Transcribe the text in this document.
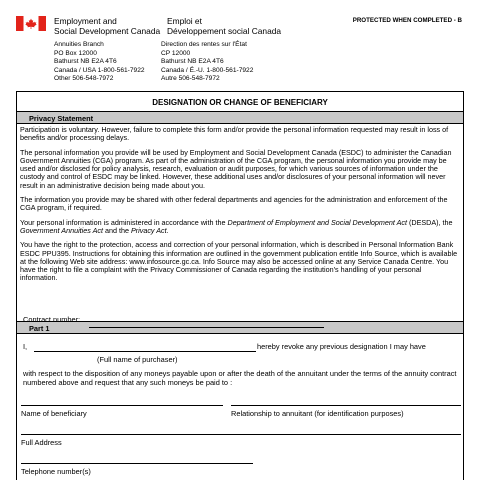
Employment and
Social Development Canada
Emploi et
Développement social Canada
PROTECTED WHEN COMPLETED - B
Annuities Branch
PO Box 12000
Bathurst NB E2A 4T6
Canada / USA 1-800-561-7922
Other 506-548-7972
Direction des rentes sur l'État
CP 12000
Bathurst NB E2A 4T6
Canada / É.-U. 1-800-561-7922
Autre 506-548-7972
DESIGNATION OR CHANGE OF BENEFICIARY
Privacy Statement

Participation is voluntary. However, failure to complete this form and/or provide the personal information requested may result in loss of benefits and/or processing delays.

The personal information you provide will be used by Employment and Social Development Canada (ESDC) to administer the Canadian Government Annuities (CGA) program. As part of the administration of the CGA program, the personal information you provide may be used and/or disclosed for policy analysis, research, evaluation or audit purposes, for which various sources of information under the custody and control of ESDC may be linked. However, these additional uses and/or disclosures of your personal information will never result in an administrative decision being made about you.

The information you provide may be shared with other federal departments and agencies for the administration and enforcement of the CGA program, if required.

Your personal information is administered in accordance with the Department of Employment and Social Development Act (DESDA), the Government Annuities Act and the Privacy Act.

You have the right to the protection, access and correction of your personal information, which is described in Personal Information Bank ESDC PPU395. Instructions for obtaining this information are outlined in the government publication entitle Info Source, which is available at the following Web site address: www.infosource.gc.ca. Info Source may also be accessed online at any Service Canada Centre. You have the right to file a complaint with the Privacy Commissioner of Canada regarding the institution's handling of your personal information.

Part 1
Contract number:
I,	hereby revoke any previous designation I may have
(Full name of purchaser)
with respect to the disposition of any moneys payable upon or after the death of the annuitant under the terms of the annuity contract numbered above and request that any such moneys be paid to :
Name of beneficiary	Relationship to annuitant (for identification purposes)
Full Address
Telephone number(s)
